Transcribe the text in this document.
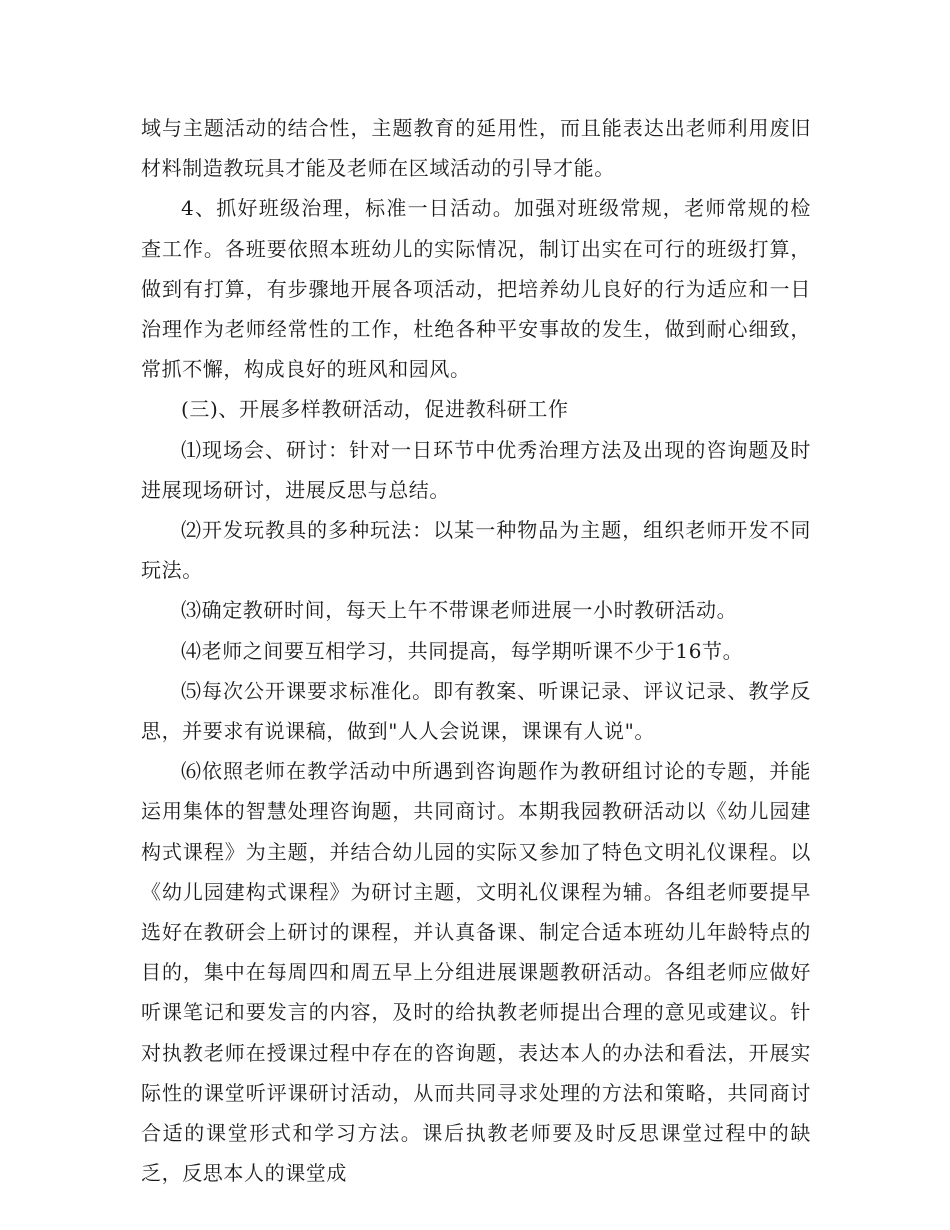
域与主题活动的结合性，主题教育的延用性，而且能表达出老师利用废旧材料制造教玩具才能及老师在区域活动的引导才能。

4、抓好班级治理，标准一日活动。加强对班级常规，老师常规的检查工作。各班要依照本班幼儿的实际情况，制订出实在可行的班级打算，做到有打算，有步骤地开展各项活动，把培养幼儿良好的行为适应和一日治理作为老师经常性的工作，杜绝各种平安事故的发生，做到耐心细致，常抓不懈，构成良好的班风和园风。

(三)、开展多样教研活动，促进教科研工作

⑴现场会、研讨：针对一日环节中优秀治理方法及出现的咨询题及时进展现场研讨，进展反思与总结。

⑵开发玩教具的多种玩法：以某一种物品为主题，组织老师开发不同玩法。

⑶确定教研时间，每天上午不带课老师进展一小时教研活动。

⑷老师之间要互相学习，共同提高，每学期听课不少于16节。

⑸每次公开课要求标准化。即有教案、听课记录、评议记录、教学反思，并要求有说课稿，做到"人人会说课，课课有人说"。

⑹依照老师在教学活动中所遇到咨询题作为教研组讨论的专题，并能运用集体的智慧处理咨询题，共同商讨。本期我园教研活动以《幼儿园建构式课程》为主题，并结合幼儿园的实际又参加了特色文明礼仪课程。以《幼儿园建构式课程》为研讨主题，文明礼仪课程为辅。各组老师要提早选好在教研会上研讨的课程，并认真备课、制定合适本班幼儿年龄特点的目的，集中在每周四和周五早上分组进展课题教研活动。各组老师应做好听课笔记和要发言的内容，及时的给执教老师提出合理的意见或建议。针对执教老师在授课过程中存在的咨询题，表达本人的办法和看法，开展实际性的课堂听评课研讨活动，从而共同寻求处理的方法和策略，共同商讨合适的课堂形式和学习方法。课后执教老师要及时反思课堂过程中的缺乏，反思本人的课堂成
